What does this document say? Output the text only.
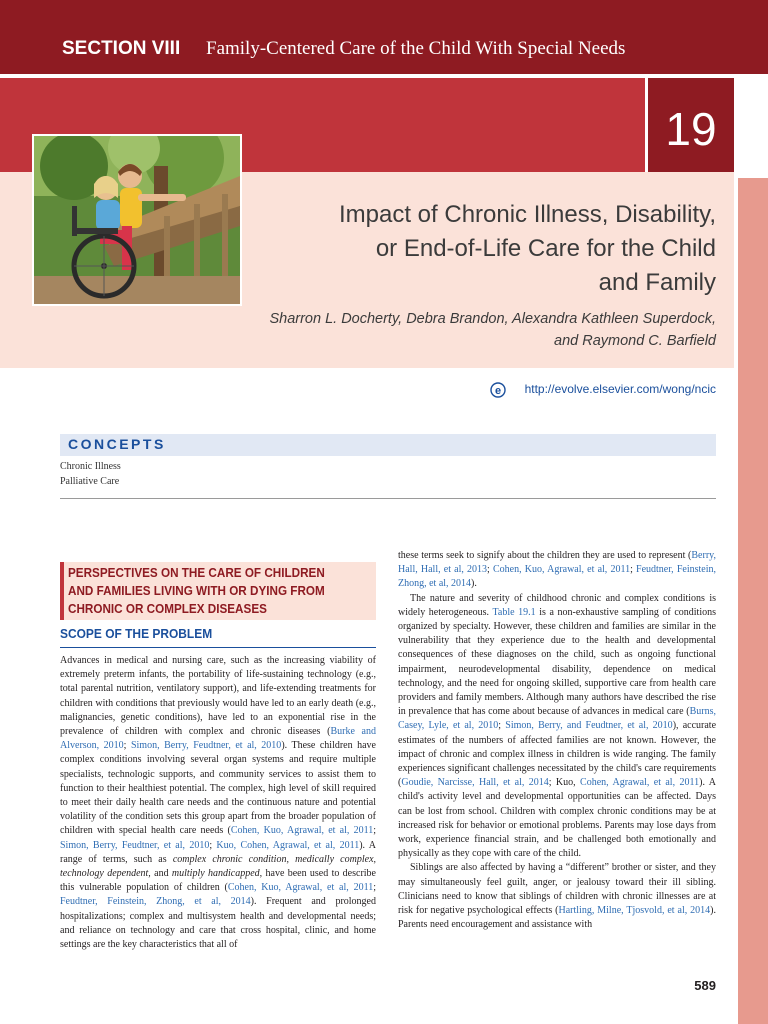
SECTION VIII Family-Centered Care of the Child With Special Needs
19
Impact of Chronic Illness, Disability,
or End-of-Life Care for the Child
and Family
Sharron L. Docherty, Debra Brandon, Alexandra Kathleen Superdock,
and Raymond C. Barfield
e	http://evolve.elsevier.com/wong/ncic
CONCEPTS
Chronic Illness
Palliative Care
PERSPECTIVES ON THE CARE OF CHILDREN
AND FAMILIES LIVING WITH OR DYING FROM
CHRONIC OR COMPLEX DISEASES
SCOPE OF THE PROBLEM

Advances in medical and nursing care, such as the increasing viability of extremely preterm infants, the portability of life-sustaining technology (e.g., total parental nutrition, ventilatory support), and life-extending treatments for children with conditions that previously would have led to an early death (e.g., malignancies, genetic conditions), have led to an exponential rise in the prevalence of children with complex and chronic diseases (Burke and Alverson, 2010; Simon, Berry, Feudtner, et al, 2010). These children have complex conditions involving several organ systems and require multiple specialists, technologic supports, and community services to assist them to function to their healthiest potential. The complex, high level of skill required to meet their daily health care needs and the continuous nature and potential volatility of the condition sets this group apart from the broader population of children with special health care needs (Cohen, Kuo, Agrawal, et al, 2011; Simon, Berry, Feudtner, et al, 2010; Kuo, Cohen, Agrawal, et al, 2011). A range of terms, such as complex chronic condition, medically complex, technology dependent, and multiply handicapped, have been used to describe this vulnerable population of children (Cohen, Kuo, Agrawal, et al, 2011; Feudtner, Feinstein, Zhong, et al, 2014). Frequent and prolonged hospitalizations; complex and multisystem health and developmental needs; and reliance on technology and care that cross hospital, clinic, and home settings are the key characteristics that all of

these terms seek to signify about the children they are used to represent (Berry, Hall, Hall, et al, 2013; Cohen, Kuo, Agrawal, et al, 2011; Feudtner, Feinstein, Zhong, et al, 2014).

The nature and severity of childhood chronic and complex conditions is widely heterogeneous. Table 19.1 is a non-exhaustive sampling of conditions organized by specialty. However, these children and families are similar in the vulnerability that they experience due to the health and developmental consequences of these diagnoses on the child, such as ongoing functional impairment, neurodevelopmental disability, dependence on medical technology, and the need for ongoing skilled, supportive care from health care providers and family members. Although many authors have described the rise in prevalence that has come about because of advances in medical care (Burns, Casey, Lyle, et al, 2010; Simon, Berry, and Feudtner, et al, 2010), accurate estimates of the numbers of affected families are not known. However, the impact of chronic and complex illness in children is wide ranging. The family experiences significant challenges necessitated by the child's care requirements (Goudie, Narcisse, Hall, et al, 2014; Kuo, Cohen, Agrawal, et al, 2011). A child's activity level and developmental opportunities can be affected. Days can be lost from school. Children with complex chronic conditions may be at increased risk for behavior or emotional problems. Parents may lose days from work, experience financial strain, and be challenged both emotionally and physically as they cope with care of the child.

Siblings are also affected by having a “different” brother or sister, and they may simultaneously feel guilt, anger, or jealousy toward their ill sibling. Clinicians need to know that siblings of children with chronic illnesses are at risk for negative psychological effects (Hartling, Milne, Tjosvold, et al, 2014). Parents need encouragement and assistance with

589
